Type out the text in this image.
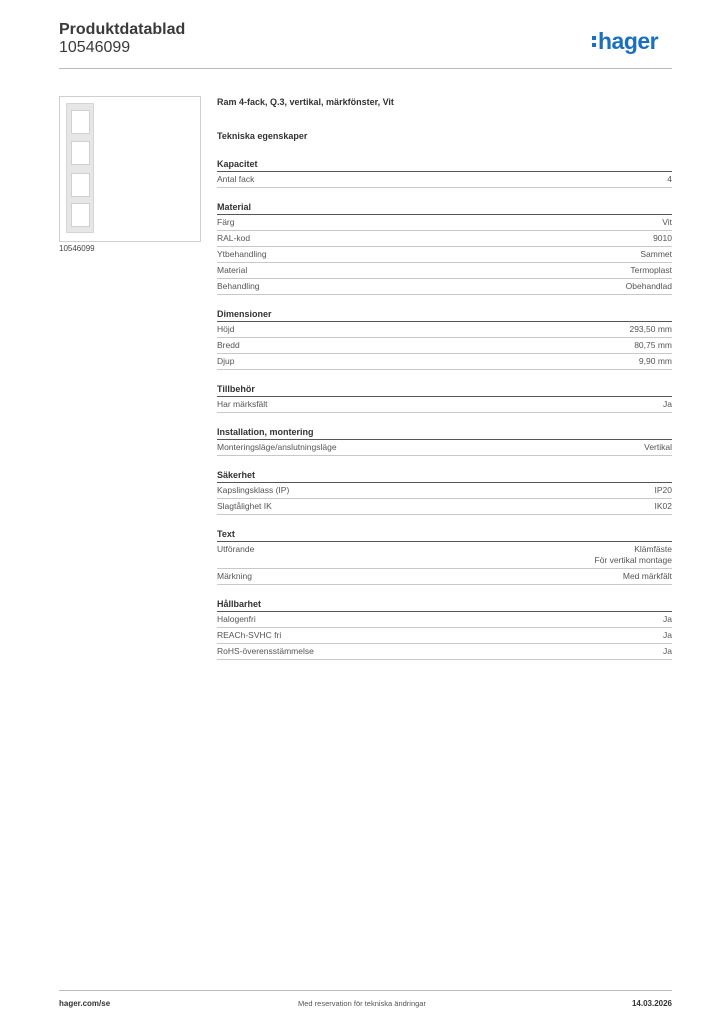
Produktdatablad
10546099	hager
10546099
Ram 4-fack, Q.3, vertikal, märkfönster, Vit
Tekniska egenskaper
Kapacitet
Antal fack	4
Material
Färg	Vit
RAL-kod	9010
Ytbehandling	Sammet
Material	Termoplast
Behandling	Obehandlad
Dimensioner
Höjd	293,50 mm
Bredd	80,75 mm
Djup	9,90 mm
Tillbehör
Har märksfält	Ja
Installation, montering
Monteringsläge/anslutningsläge	Vertikal
Säkerhet
Kapslingsklass (IP)	IP20
Slagtålighet IK	IK02
Text
Utförande	Klämfäste
För vertikal montage
Märkning	Med märkfält
Hållbarhet
Halogenfri	Ja
REACh-SVHC fri	Ja
RoHS-överensstämmelse	Ja
hager.com/se	Med reservation för tekniska ändringar	14.03.2026
